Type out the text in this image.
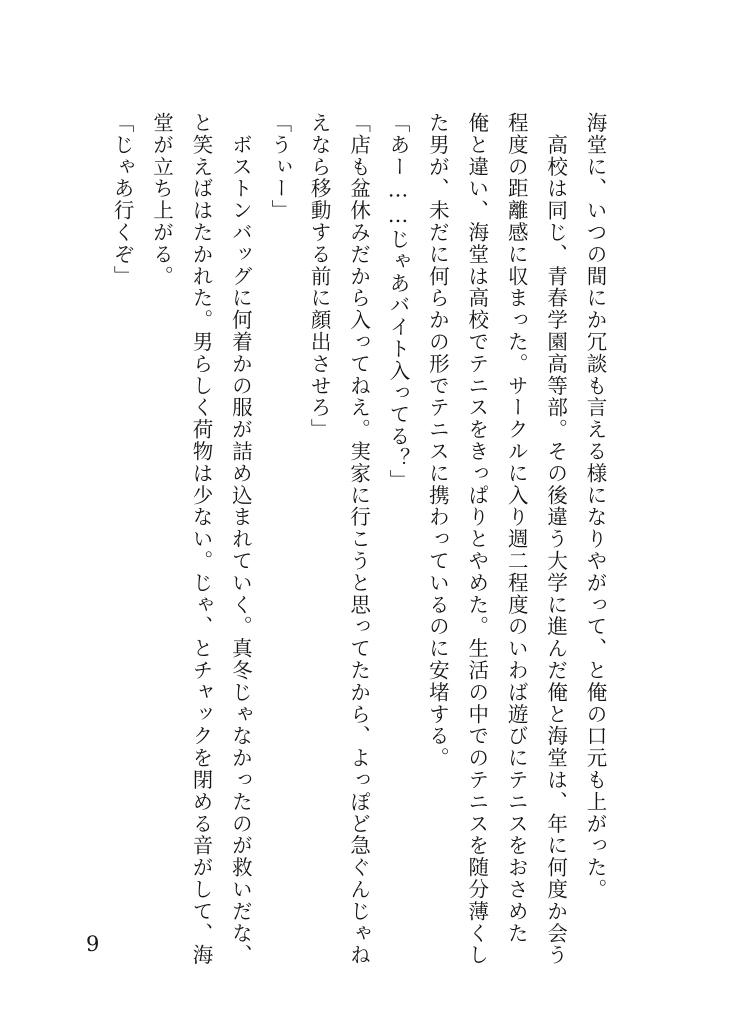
海堂に、いつの間にか冗談も言える様になりやがって、と俺の口元も上がった。
　高校は同じ、青春学園高等部。その後違う大学に進んだ俺と海堂は、年に何度か会う
程度の距離感に収まった。サークルに入り週二程度のいわば遊びにテニスをおさめた
俺と違い、海堂は高校でテニスをきっぱりとやめた。生活の中でのテニスを随分薄くし
た男が、未だに何らかの形でテニスに携わっているのに安堵する。
「あー……じゃあバイト入ってる？」
「店も盆休みだから入ってねえ。実家に行こうと思ってたから、よっぽど急ぐんじゃね
えなら移動する前に顔出させろ」
「うぃー」
　ボストンバッグに何着かの服が詰め込まれていく。真冬じゃなかったのが救いだな、
と笑えばはたかれた。男らしく荷物は少ない。じゃ、とチャックを閉める音がして、海
堂が立ち上がる。
「じゃあ行くぞ」
9
